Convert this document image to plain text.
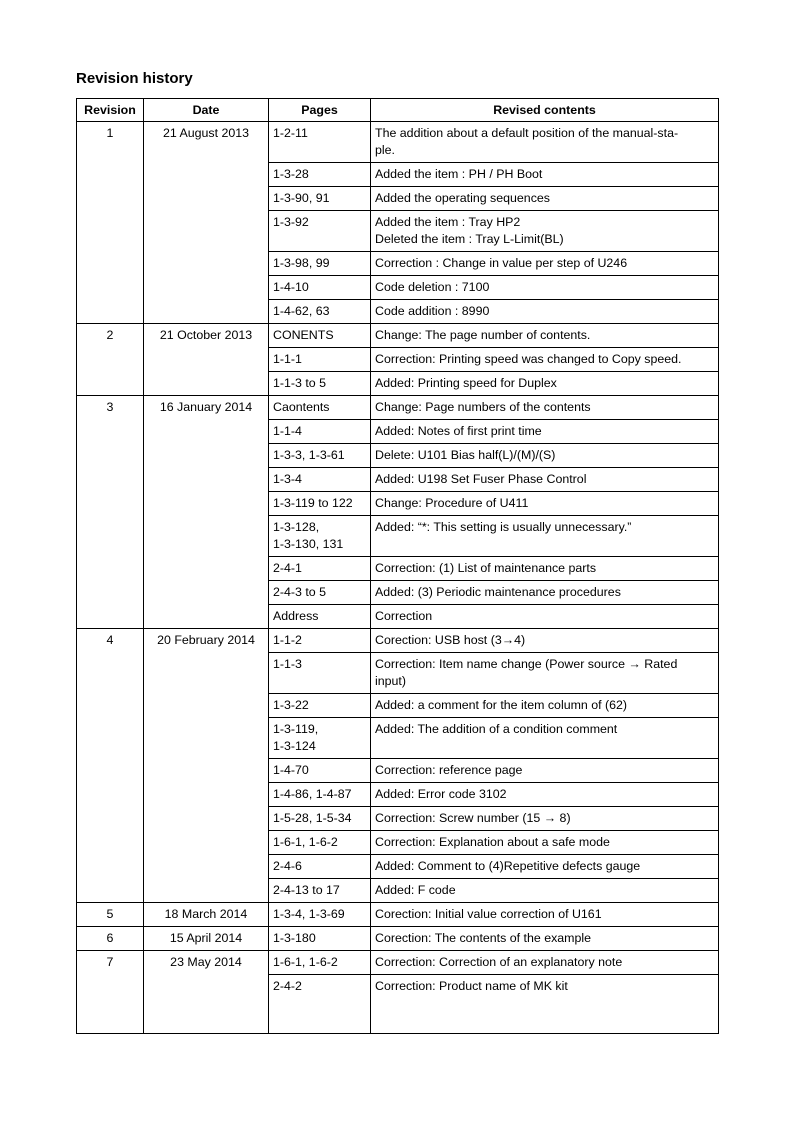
Revision history
Revision	Date	Pages	Revised contents
1	21 August 2013	1-2-11	The addition about a default position of the manual-sta-
ple.
		1-3-28	Added the item : PH / PH Boot
		1-3-90, 91	Added the operating sequences
		1-3-92	Added the item : Tray HP2
Deleted the item : Tray L-Limit(BL)
		1-3-98, 99	Correction : Change in value per step of U246
		1-4-10	Code deletion : 7100
		1-4-62, 63	Code addition : 8990
2	21 October 2013	CONENTS	Change: The page number of contents.
		1-1-1	Correction: Printing speed was changed to Copy speed.
		1-1-3 to 5	Added: Printing speed for Duplex
3	16 January 2014	Caontents	Change: Page numbers of the contents
		1-1-4	Added: Notes of first print time
		1-3-3, 1-3-61	Delete: U101 Bias half(L)/(M)/(S)
		1-3-4	Added: U198 Set Fuser Phase Control
		1-3-119 to 122	Change: Procedure of U411
		1-3-128,
1-3-130, 131	Added: “*: This setting is usually unnecessary.”
		2-4-1	Correction: (1) List of maintenance parts
		2-4-3 to 5	Added: (3) Periodic maintenance procedures
		Address	Correction
4	20 February 2014	1-1-2	Corection: USB host (3→4)
		1-1-3	Correction: Item name change (Power source → Rated
input)
		1-3-22	Added: a comment for the item column of (62)
		1-3-119,
1-3-124	Added: The addition of a condition comment
		1-4-70	Correction: reference page
		1-4-86, 1-4-87	Added: Error code 3102
		1-5-28, 1-5-34	Correction: Screw number (15 → 8)
		1-6-1, 1-6-2	Correction: Explanation about a safe mode
		2-4-6	Added: Comment to (4)Repetitive defects gauge
		2-4-13 to 17	Added: F code
5	18 March 2014	1-3-4, 1-3-69	Corection: Initial value correction of U161
6	15 April 2014	1-3-180	Corection: The contents of the example
7	23 May 2014	1-6-1, 1-6-2	Correction: Correction of an explanatory note
		2-4-2	Correction: Product name of MK kit
